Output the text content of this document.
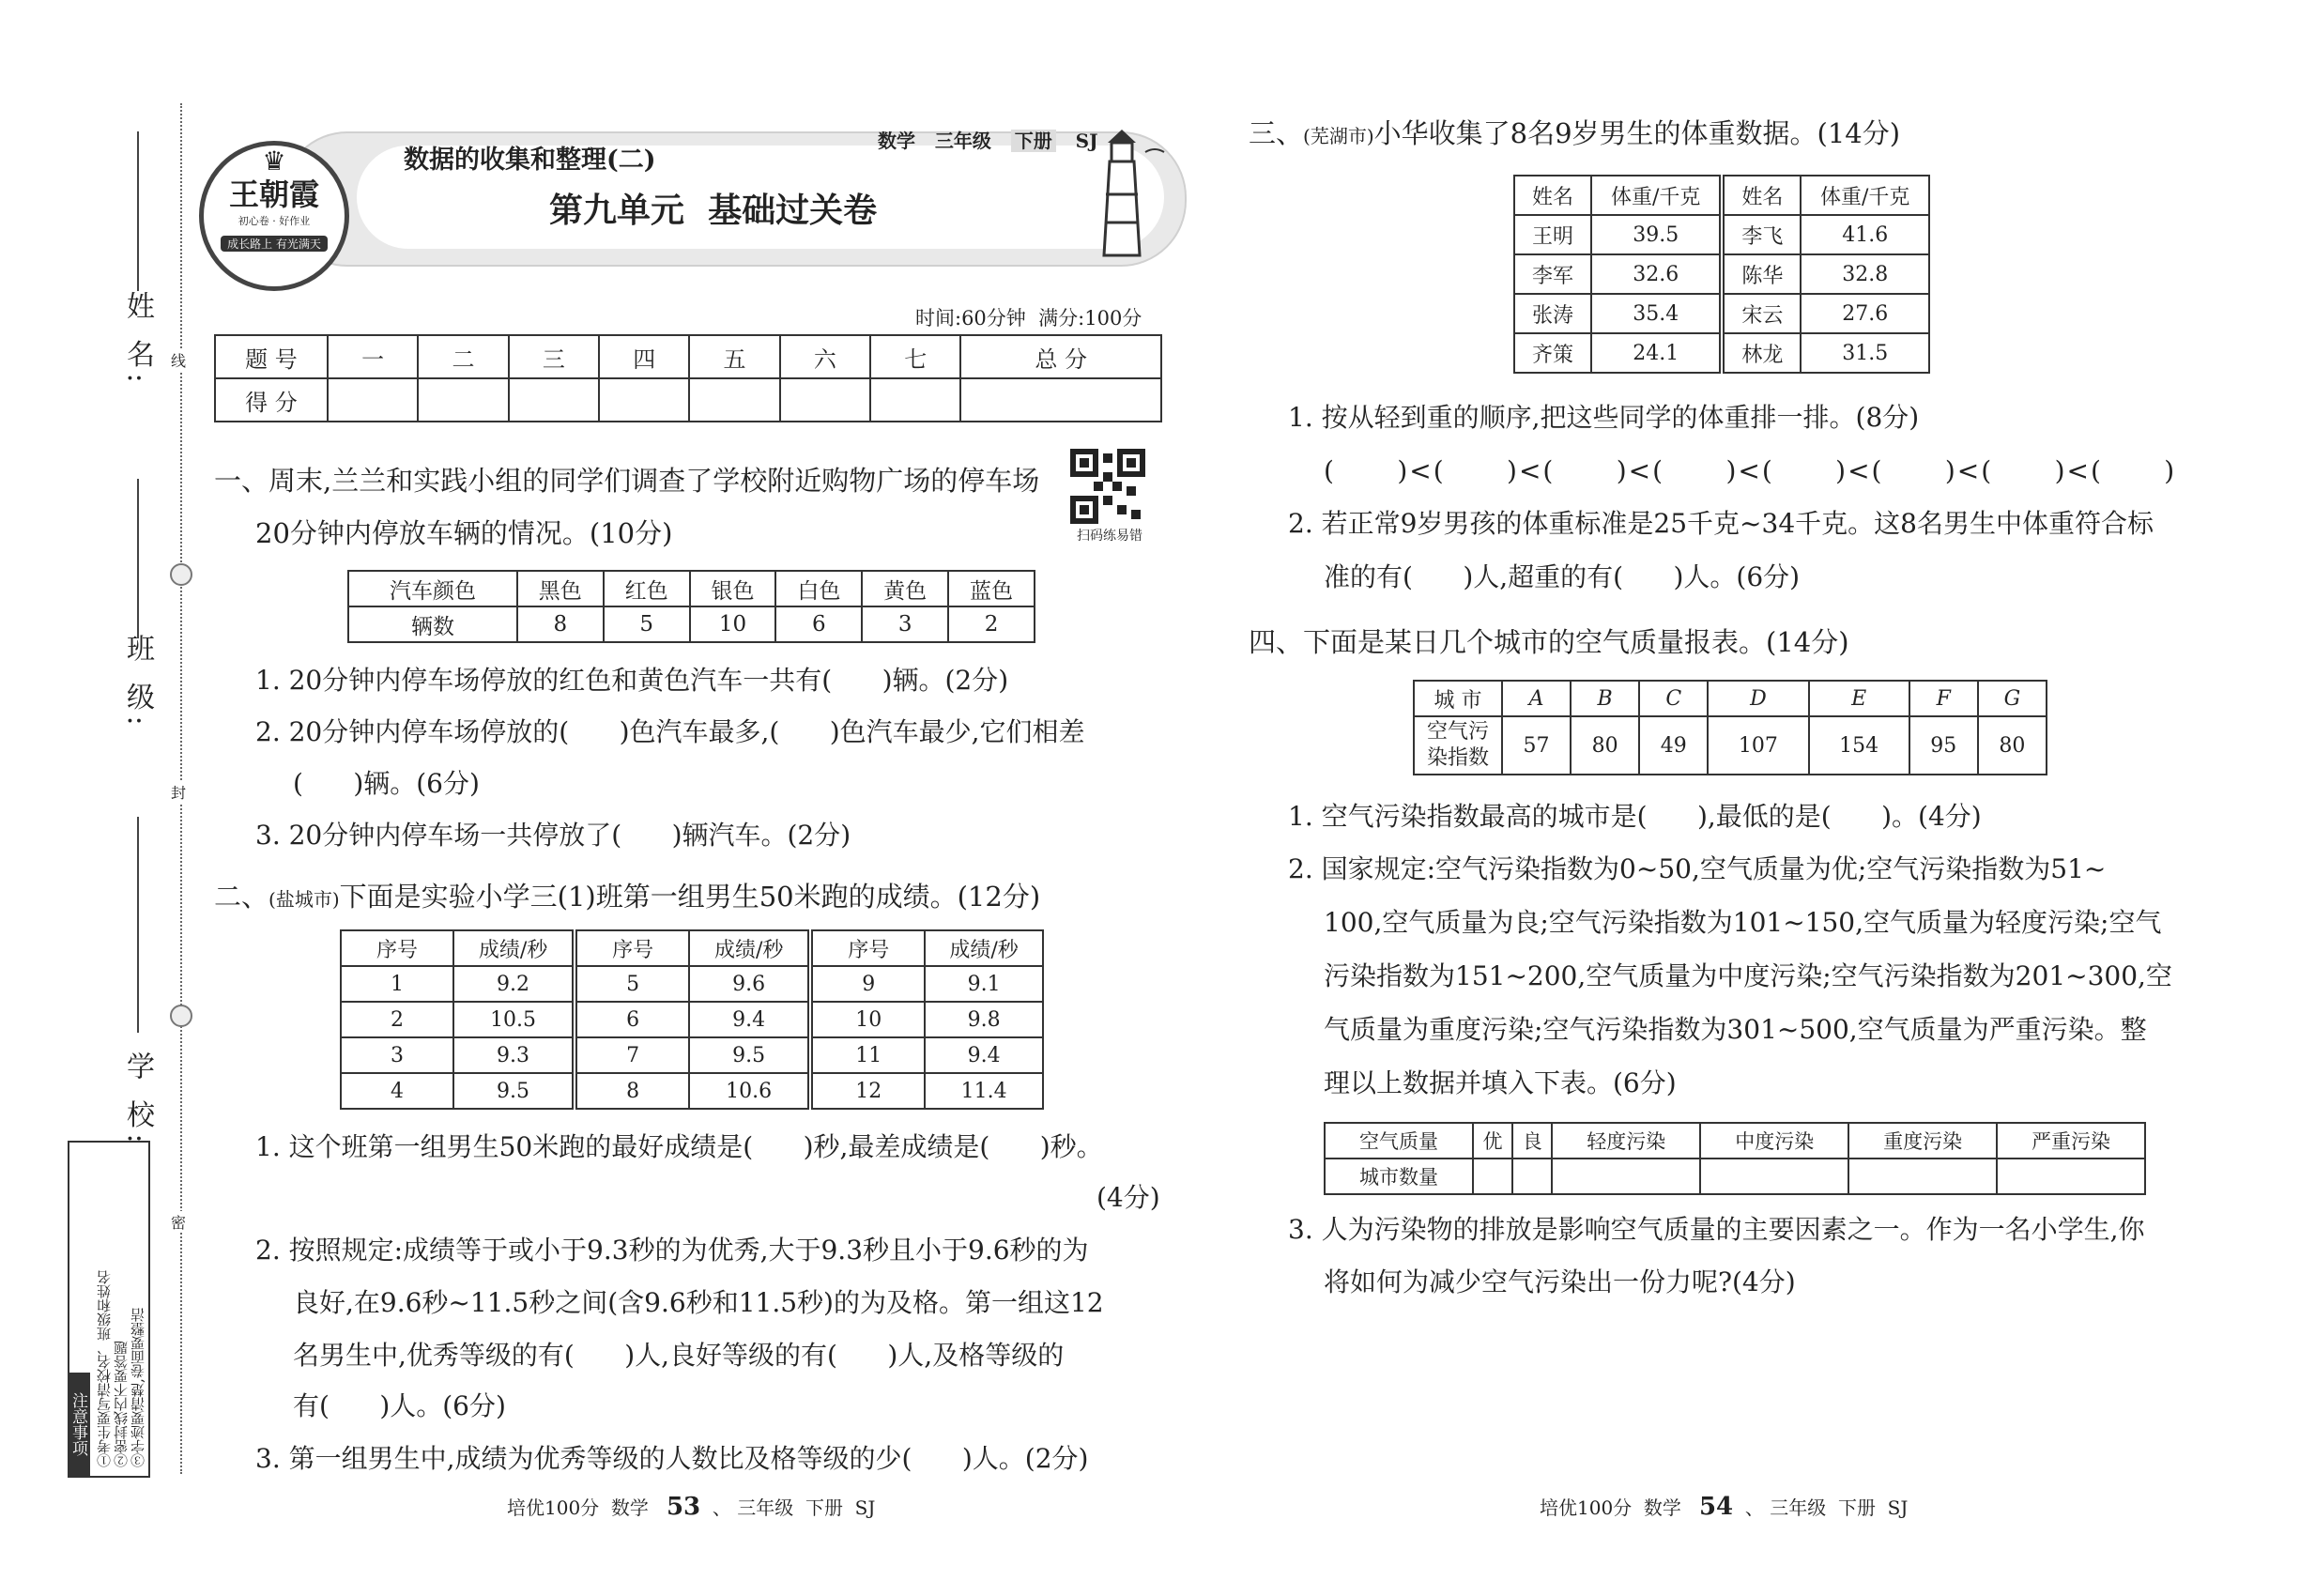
姓 名:
班 级:
学 校:
线
封
密
注意事项 ①考生要写清校名、班级和姓名 ②密封线内不要答题 ③字迹要清楚,卷面要整洁
♛
王朝霞
初心卷 · 好作业
成长路上 有光满天
数据的收集和整理(二)
数学 三年级 下册 SJ
第九单元  基础过关卷
时间:60分钟  满分:100分
题 号	一	二	三	四	五	六	七	总 分
得 分								
一、周末,兰兰和实践小组的同学们调查了学校附近购物广场的停车场
20分钟内停放车辆的情况。(10分)	扫码练易错
汽车颜色	黑色	红色	银色	白色	黄色	蓝色
辆数	8	5	10	6	3	2
1. 20分钟内停车场停放的红色和黄色汽车一共有(      )辆。(2分)
2. 20分钟内停车场停放的(      )色汽车最多,(      )色汽车最少,它们相差
(      )辆。(6分)
3. 20分钟内停车场一共停放了(      )辆汽车。(2分)
二、(盐城市)下面是实验小学三(1)班第一组男生50米跑的成绩。(12分)
序号	成绩/秒	序号	成绩/秒	序号	成绩/秒
1	9.2	5	9.6	9	9.1
2	10.5	6	9.4	10	9.8
3	9.3	7	9.5	11	9.4
4	9.5	8	10.6	12	11.4
1. 这个班第一组男生50米跑的最好成绩是(      )秒,最差成绩是(      )秒。
(4分)
2. 按照规定:成绩等于或小于9.3秒的为优秀,大于9.3秒且小于9.6秒的为
良好,在9.6秒~11.5秒之间(含9.6秒和11.5秒)的为及格。第一组这12
名男生中,优秀等级的有(      )人,良好等级的有(      )人,及格等级的
有(      )人。(6分)
3. 第一组男生中,成绩为优秀等级的人数比及格等级的少(      )人。(2分)
培优100分  数学 53 、 三年级  下册  SJ
三、(芜湖市)小华收集了8名9岁男生的体重数据。(14分)
姓名	体重/千克	姓名	体重/千克
王明	39.5	李飞	41.6
李军	32.6	陈华	32.8
张涛	35.4	宋云	27.6
齐策	24.1	林龙	31.5
1. 按从轻到重的顺序,把这些同学的体重排一排。(8分)
(      )<(      )<(      )<(      )<(      )<(      )<(      )<(      )
2. 若正常9岁男孩的体重标准是25千克~34千克。这8名男生中体重符合标
准的有(      )人,超重的有(      )人。(6分)
四、下面是某日几个城市的空气质量报表。(14分)
城 市	A	B	C	D	E	F	G

空气污
染指数	57	80	49	107	154	95	80
1. 空气污染指数最高的城市是(      ),最低的是(      )。(4分)
2. 国家规定:空气污染指数为0~50,空气质量为优;空气污染指数为51~
100,空气质量为良;空气污染指数为101~150,空气质量为轻度污染;空气
污染指数为151~200,空气质量为中度污染;空气污染指数为201~300,空
气质量为重度污染;空气污染指数为301~500,空气质量为严重污染。整
理以上数据并填入下表。(6分)
空气质量	优	良	轻度污染	中度污染	重度污染	严重污染
城市数量						
3. 人为污染物的排放是影响空气质量的主要因素之一。作为一名小学生,你
将如何为减少空气污染出一份力呢?(4分)
培优100分  数学 54 、 三年级  下册  SJ
